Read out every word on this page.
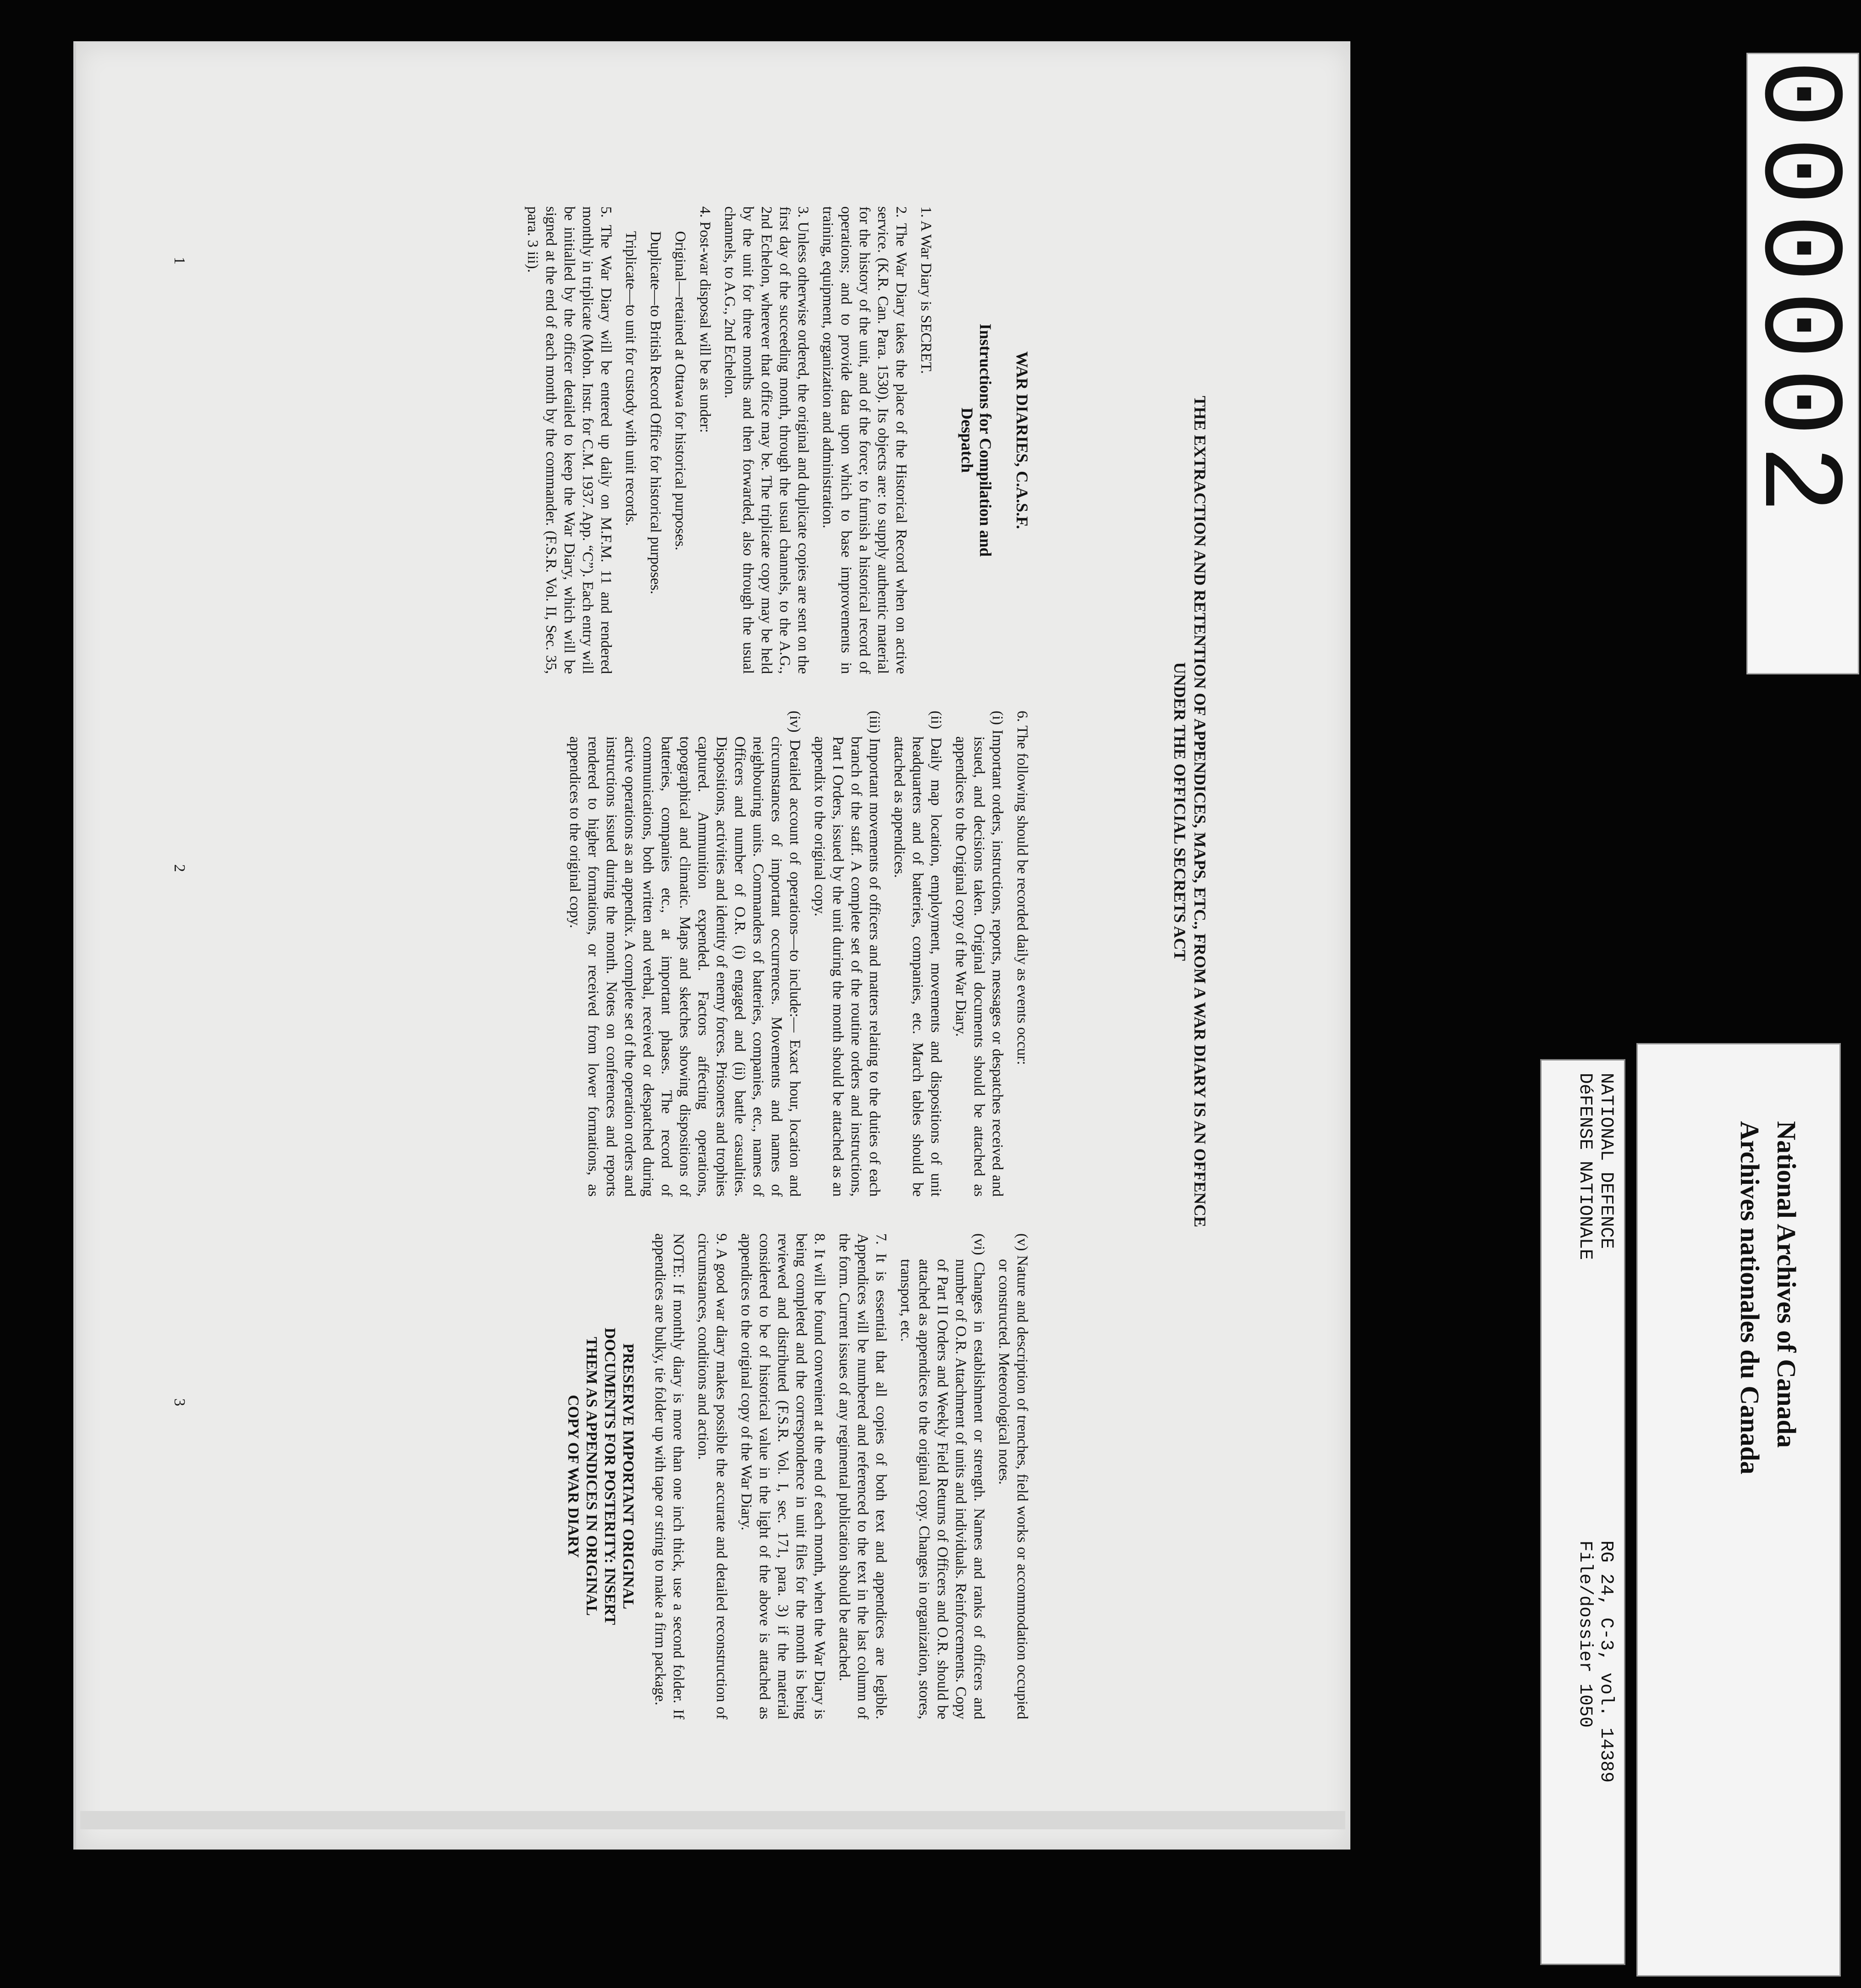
1
2
3

WAR DIARIES, C.A.S.F.

Instructions for Compilation and

Despatch

1. A War Diary is SECRET.

2. The War Diary takes the place of the Historical Record when on active service. (K.R. Can. Para. 1530). Its objects are: to supply authentic material for the history of the unit, and of the force; to furnish a historical record of operations; and to provide data upon which to base improvements in training, equipment, organization and administration.

3. Unless otherwise ordered, the original and duplicate copies are sent on the first day of the succeeding month, through the usual channels, to the A.G., 2nd Echelon, wherever that office may be. The triplicate copy may be held by the unit for three months and then forwarded, also through the usual channels, to A.G., 2nd Echelon.

4. Post-war disposal will be as under:

Original—retained at Ottawa for historical purposes.

Duplicate—to British Record Office for historical purposes.

Triplicate—to unit for custody with unit records.

5. The War Diary will be entered up daily on M.F.M. 11 and rendered monthly in triplicate (Mobn. Instr. for C.M. 1937. App. “C”). Each entry will be initialled by the officer detailed to keep the War Diary, which will be signed at the end of each month by the commander. (F.S.R. Vol. II, Sec. 35, para. 3 iii).

6. The following should be recorded daily as events occur:

(i) Important orders, instructions, reports, messages or despatches received and issued, and decisions taken. Original documents should be attached as appendices to the Original copy of the War Diary.

(ii) Daily map location, employment, movements and dispositions of unit headquarters and of batteries, companies, etc. March tables should be attached as appendices.

(iii) Important movements of officers and matters relating to the duties of each branch of the staff. A complete set of the routine orders and instructions, Part I Orders, issued by the unit during the month should be attached as an appendix to the original copy.

(iv) Detailed account of operations—to include:— Exact hour, location and circumstances of important occurrences. Movements and names of neighbouring units. Commanders of batteries, companies, etc., names of Officers and number of O.R. (i) engaged and (ii) battle casualties. Dispositions, activities and identity of enemy forces. Prisoners and trophies captured. Ammunition expended. Factors affecting operations, topographical and climatic. Maps and sketches showing dispositions of batteries, companies etc., at important phases. The record of communications, both written and verbal, received or despatched during active operations as an appendix. A complete set of the operation orders and instructions issued during the month. Notes on conferences and reports rendered to higher formations, or received from lower formations, as appendices to the original copy.

(v) Nature and description of trenches, field works or accommodation occupied or constructed. Meteorological notes.

(vi) Changes in establishment or strength. Names and ranks of officers and number of O.R. Attachment of units and individuals. Reinforcements. Copy of Part II Orders and Weekly Field Returns of Officers and O.R. should be attached as appendices to the original copy. Changes in organization, stores, transport, etc.

7. It is essential that all copies of both text and appendices are legible. Appendices will be numbered and referenced to the text in the last column of the form. Current issues of any regimental publication should be attached.

8. It will be found convenient at the end of each month, when the War Diary is being completed and the correspondence in unit files for the month is being reviewed and distributed (F.S.R. Vol. I, sec. 171, para. 3) if the material considered to be of historical value in the light of the above is attached as appendices to the original copy of the War Diary.

9. A good war diary makes possible the accurate and detailed reconstruction of circumstances, conditions and action.

NOTE: If monthly diary is more than one inch thick, use a second folder. If appendices are bulky, tie folder up with tape or string to make a firm package.

PRESERVE IMPORTANT ORIGINAL

DOCUMENTS FOR POSTERITY: INSERT

THEM AS APPENDICES IN ORIGINAL

COPY OF WAR DIARY

THE EXTRACTION AND RETENTION OF APPENDICES, MAPS, ETC., FROM A WAR DIARY IS AN OFFENCE
UNDER THE OFFICIAL SECRETS ACT
NATIONAL DEFENCE
DéFENSE NATIONALE
RG 24, C-3, vol. 14389
File/dossier 1050
National Archives of Canada
Archives nationales du Canada
000002
